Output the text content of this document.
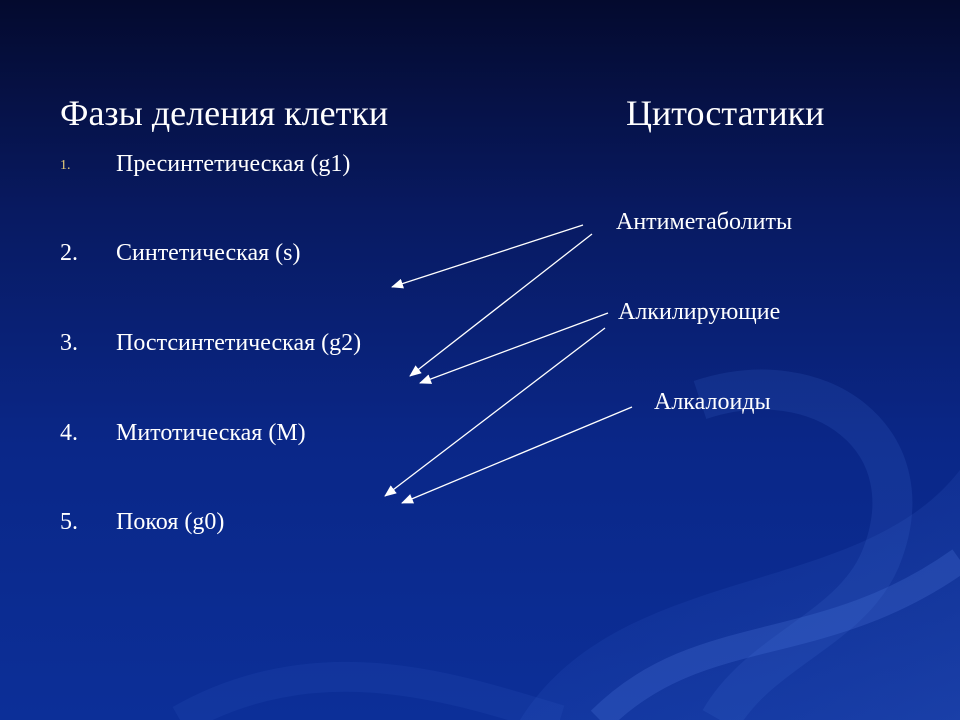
Фазы деления клетки	Цитостатики
1.	Пресинтетическая (g1)
2.	Синтетическая (s)
3.	Постсинтетическая (g2)
4.	Митотическая (М)
5.	Покоя (g0)

Антиметаболиты

Алкилирующие

Алкалоиды
